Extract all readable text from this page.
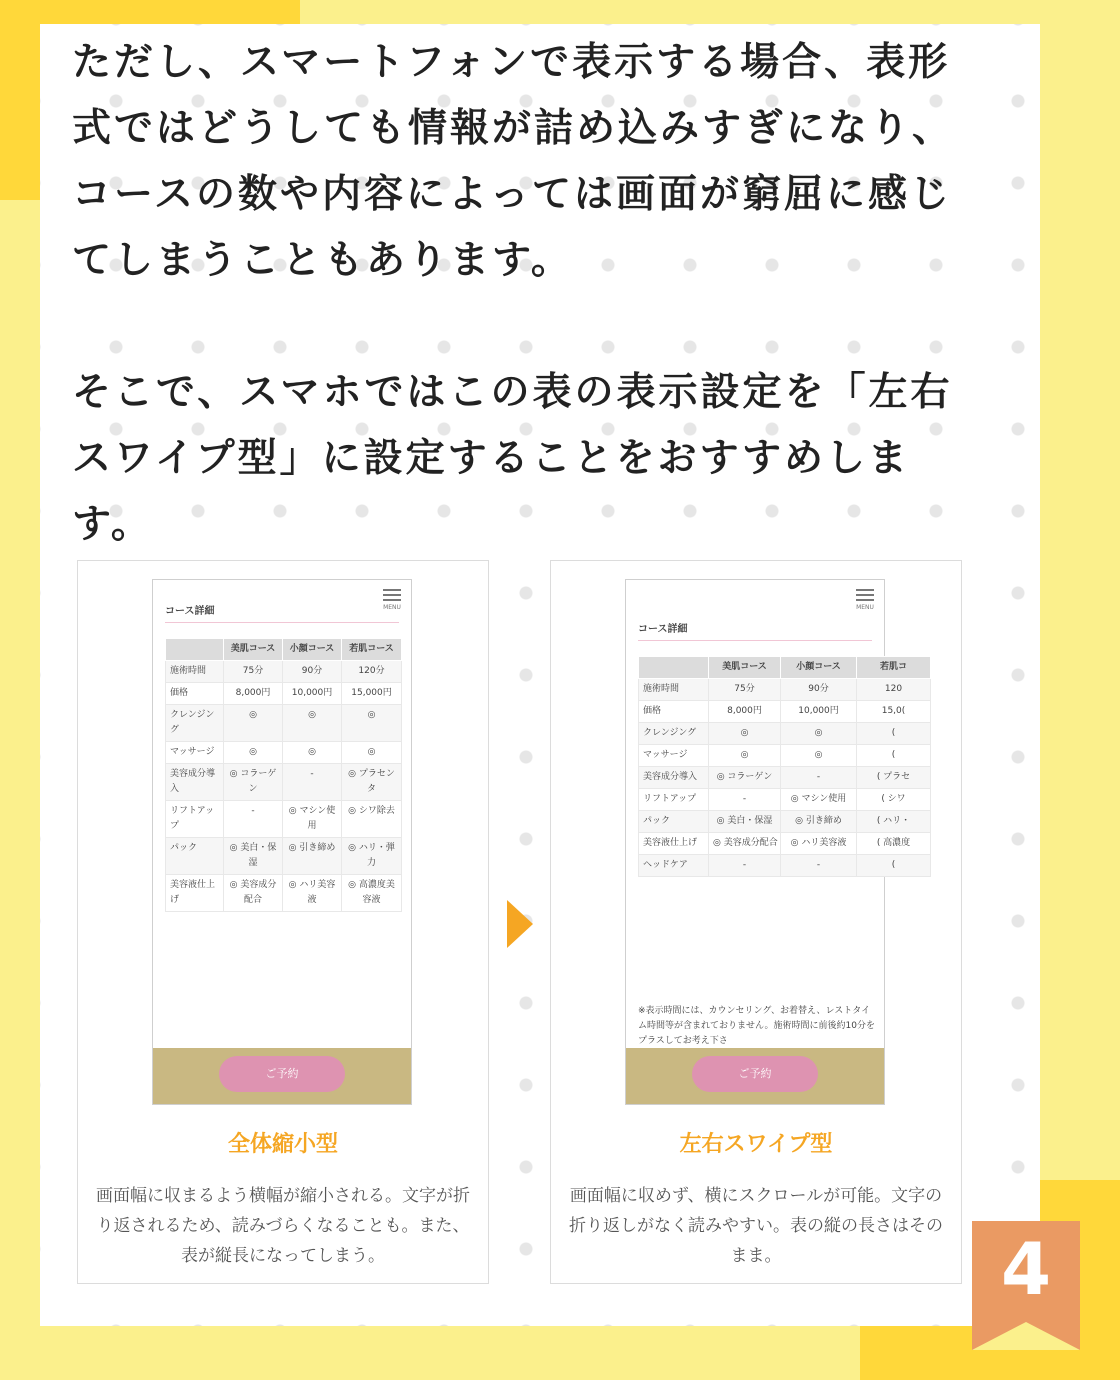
ただし、スマートフォンで表示する場合、表形
式ではどうしても情報が詰め込みすぎになり、
コースの数や内容によっては画面が窮屈に感じ
てしまうこともあります。

そこで、スマホではこの表の表示設定を「左右
スワイプ型」に設定することをおすすめしま
す。

MENU
コース詳細
	美肌コース	小顔コース	若肌コース
施術時間	75分	90分	120分
価格	8,000円	10,000円	15,000円
クレンジング	◎	◎	◎
マッサージ	◎	◎	◎
美容成分導入	◎ コラーゲン	-	◎ プラセンタ
リフトアップ	-	◎ マシン使用	◎ シワ除去
パック	◎ 美白・保湿	◎ 引き締め	◎ ハリ・弾力
美容液仕上げ	◎ 美容成分配合	◎ ハリ美容液	◎ 高濃度美容液
ご予約
全体縮小型

画面幅に収まるよう横幅が縮小される。文字が折り返されるため、読みづらくなることも。また、表が縦長になってしまう。

MENU
コース詳細
	美肌コース	小顔コース	若肌コ
施術時間	75分	90分	120
価格	8,000円	10,000円	15,0(
クレンジング	◎	◎	(
マッサージ	◎	◎	(
美容成分導入	◎ コラーゲン	-	( プラセ
リフトアップ	-	◎ マシン使用	( シワ
パック	◎ 美白・保湿	◎ 引き締め	( ハリ・
美容液仕上げ	◎ 美容成分配合	◎ ハリ美容液	( 高濃度
ヘッドケア	-	-	(
※表示時間には、カウンセリング、お着替え、レストタイム時間等が含まれておりません。施術時間に前後約10分をプラスしてお考え下さ
ご予約
左右スワイプ型

画面幅に収めず、横にスクロールが可能。文字の折り返しがなく読みやすい。表の縦の長さはそのまま。	4
